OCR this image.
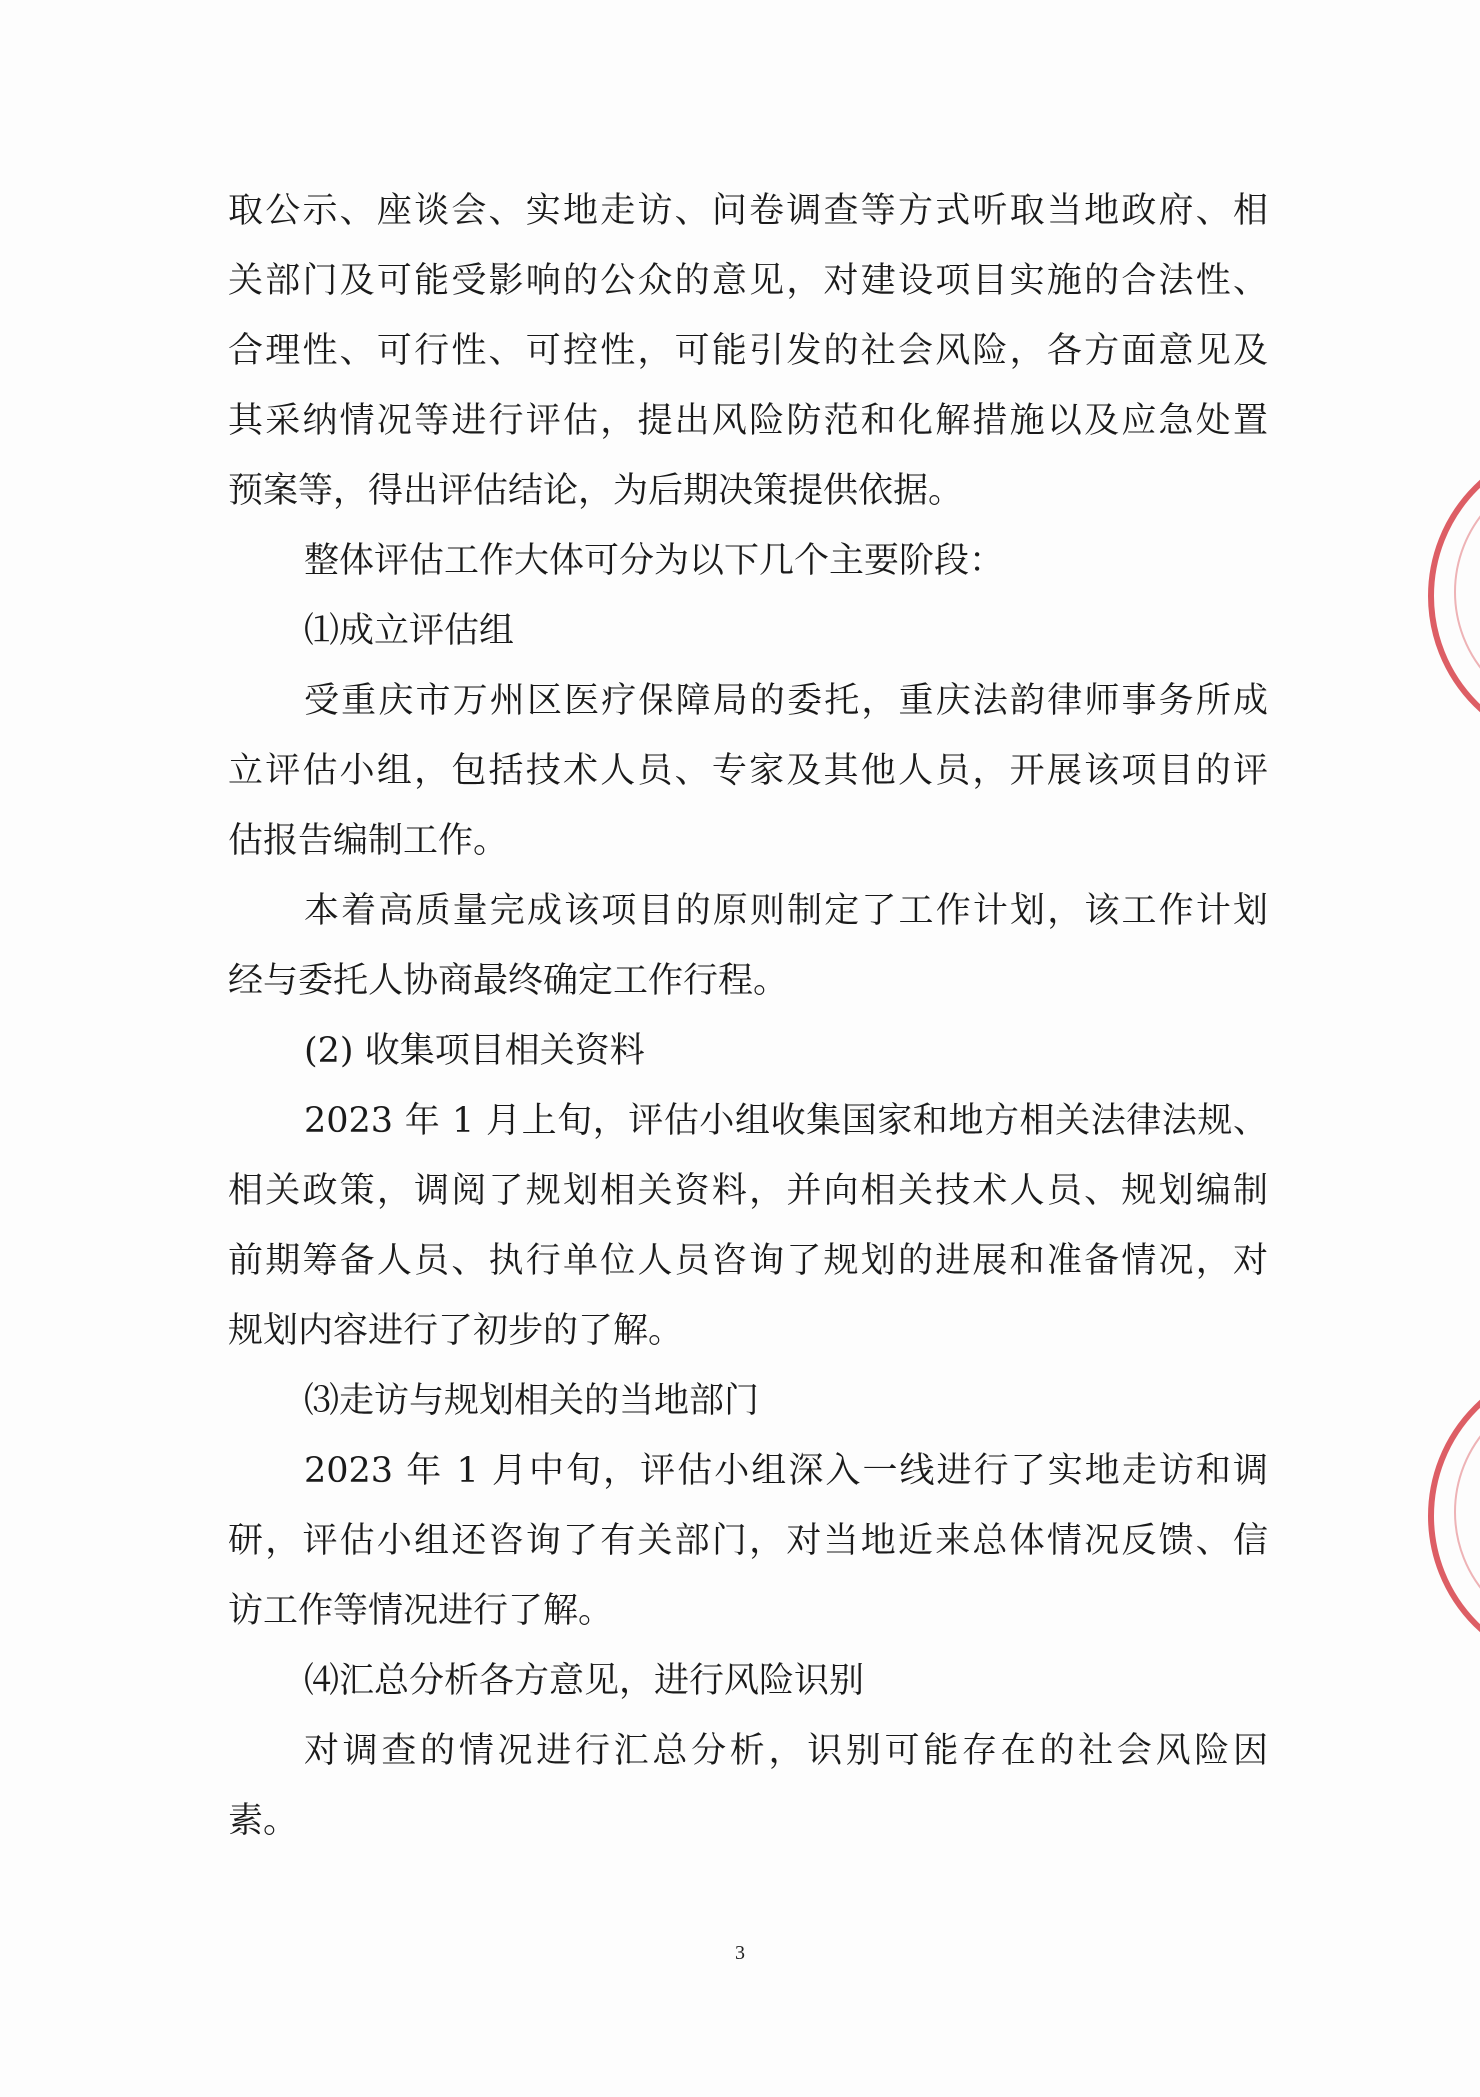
取公示、座谈会、实地走访、问卷调查等方式听取当地政府、相
关部门及可能受影响的公众的意见，对建设项目实施的合法性、
合理性、可行性、可控性，可能引发的社会风险，各方面意见及
其采纳情况等进行评估，提出风险防范和化解措施以及应急处置
预案等，得出评估结论，为后期决策提供依据。
整体评估工作大体可分为以下几个主要阶段：
⑴成立评估组
受重庆市万州区医疗保障局的委托，重庆法韵律师事务所成
立评估小组，包括技术人员、专家及其他人员，开展该项目的评
估报告编制工作。
本着高质量完成该项目的原则制定了工作计划，该工作计划
经与委托人协商最终确定工作行程。
(2) 收集项目相关资料
2023 年 1 月上旬，评估小组收集国家和地方相关法律法规、
相关政策，调阅了规划相关资料，并向相关技术人员、规划编制
前期筹备人员、执行单位人员咨询了规划的进展和准备情况，对
规划内容进行了初步的了解。
⑶走访与规划相关的当地部门
2023 年 1 月中旬，评估小组深入一线进行了实地走访和调
研，评估小组还咨询了有关部门，对当地近来总体情况反馈、信
访工作等情况进行了解。
⑷汇总分析各方意见，进行风险识别
对调查的情况进行汇总分析，识别可能存在的社会风险因
素。
3
